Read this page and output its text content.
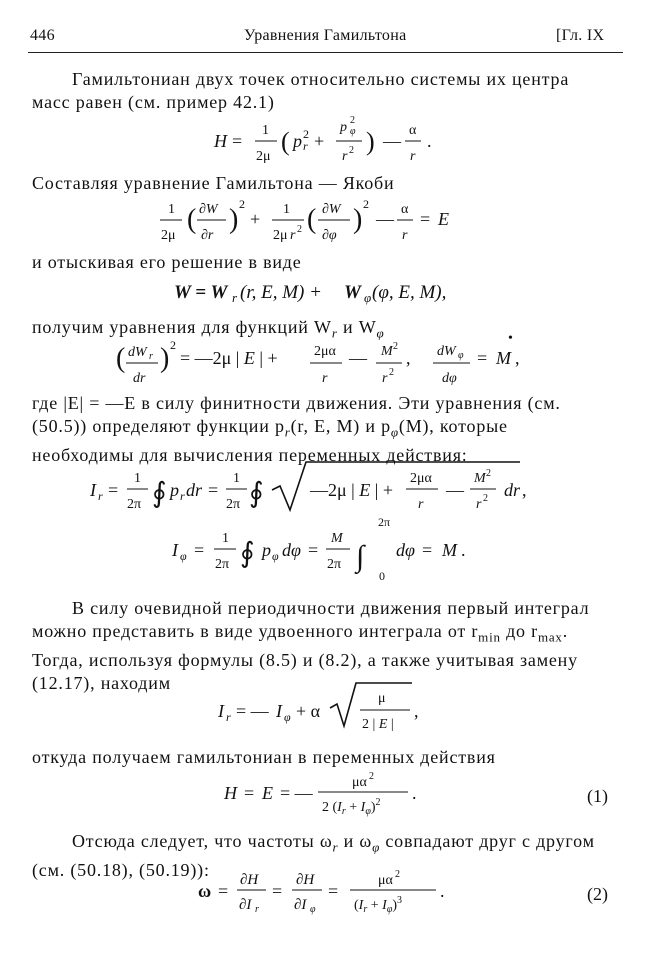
446	Уравнения Гамильтона	[Гл. IX
Гамильтониан двух точек относительно системы их центра масс равен (см. пример 42.1)
Составляя уравнение Гамильтона — Якоби
и отыскивая его решение в виде
получим уравнения для функций $W_r$ и $W_\varphi$
где |E| = —E в силу финитности движения. Эти уравнения (см. (50.5)) определяют функции $p_r(r$, E, M) и $p_\varphi(M)$, которые необходимы для вычисления переменных действия:
В силу очевидной периодичности движения первый интеграл можно представить в виде удвоенного интеграла от $r_{min}$ до $r_{max}$. Тогда, используя формулы (8.5) и (8.2), а также учитывая замену (12.17), находим
откуда получаем гамильтониан в переменных действия
Отсюда следует, что частоты $\omega_r$ и $\omega_\varphi$ совпадают друг с другом (см. (50.18), (50.19)):
H =
1
2μ
( p r
2 +
p φ
2
r 2 ) —
α
r
.
1
2μ
( ∂W
∂r
) 2
+ 1
2μ r 2 ( ∂W
∂φ
) 2
— α
r
= E
W = W r (r, E, M) + W φ (φ, E, M),
( dW r
dr
) 2
= —2μ | E | +	2μα
r
— M 2
r 2
, dW φ
dφ
= M ,
•
I r =
1
2π ∮ p r dr =
1
2π ∮	—2μ | E | +
2μα
r
—
M 2
r 2 dr ,
I φ =
1
2π ∮ p φ dφ =
M
2π ∫
2π
0
dφ = M .
I r = — I φ + α
μ
2 | E |
,
H = E = —
μα 2
2 $(I_r + I_\varphi)^2$ .
ω =
∂H
∂I r
=
∂H
∂I φ
=
μα 2
$(I_r + I_\varphi)^3$ .
(1)
(2)
